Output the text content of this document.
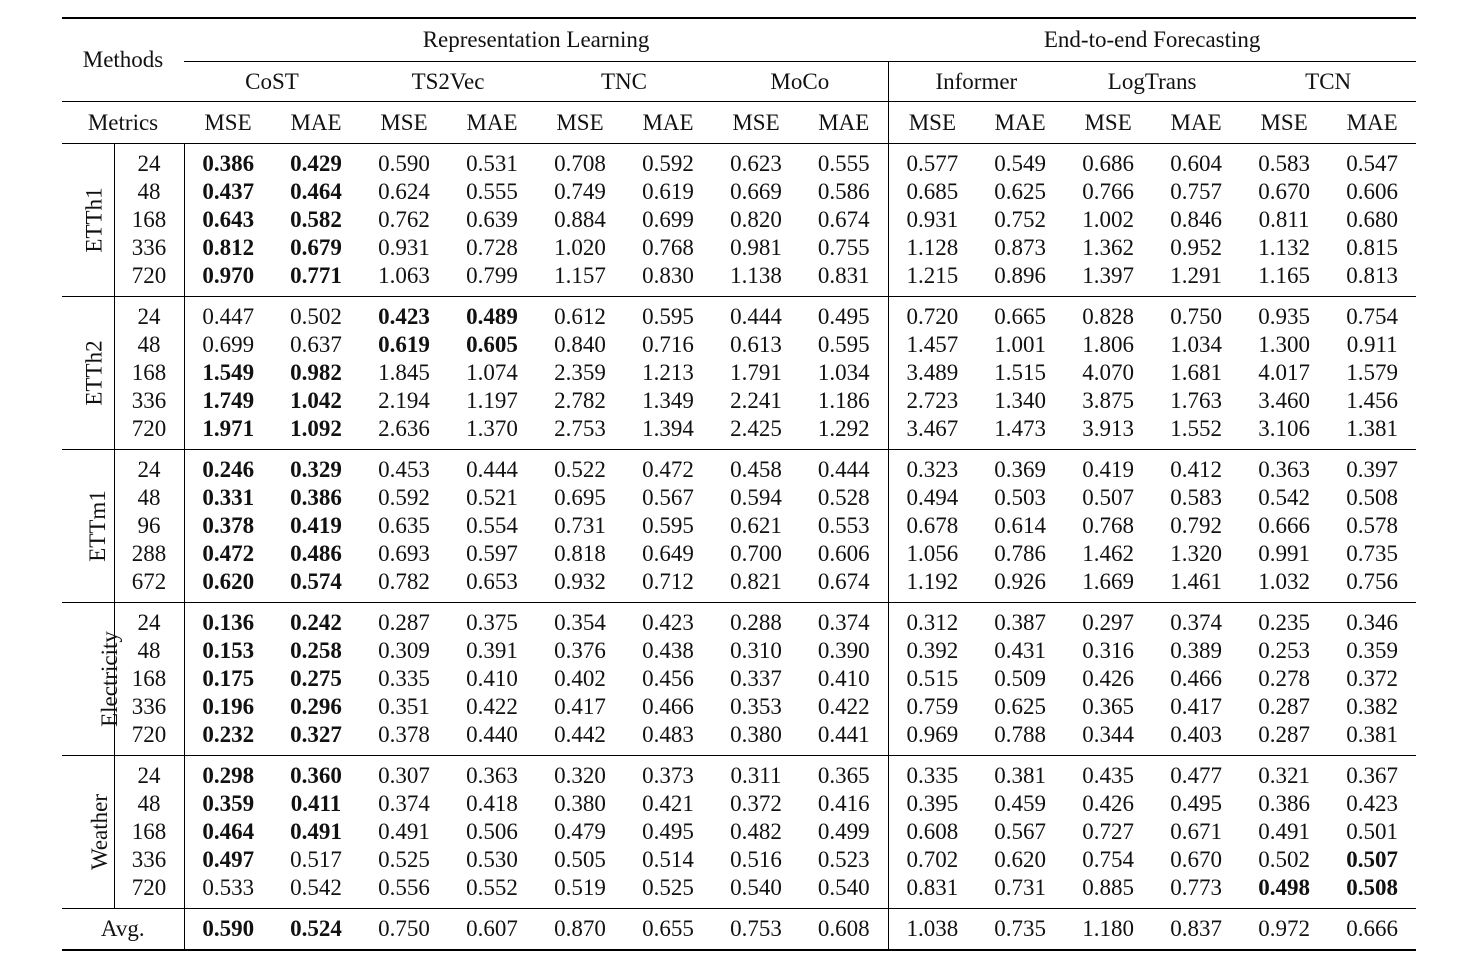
Methods		Representation Learning								End-to-end Forecasting					
		CoST		TS2Vec		TNC		MoCo		Informer		LogTrans		TCN	
Metrics		MSE	MAE	MSE	MAE	MSE	MAE	MSE	MAE	MSE	MAE	MSE	MAE	MSE	MAE
ETTh1	24	0.386	0.429	0.590	0.531	0.708	0.592	0.623	0.555	0.577	0.549	0.686	0.604	0.583	0.547
	48	0.437	0.464	0.624	0.555	0.749	0.619	0.669	0.586	0.685	0.625	0.766	0.757	0.670	0.606
	168	0.643	0.582	0.762	0.639	0.884	0.699	0.820	0.674	0.931	0.752	1.002	0.846	0.811	0.680
	336	0.812	0.679	0.931	0.728	1.020	0.768	0.981	0.755	1.128	0.873	1.362	0.952	1.132	0.815
	720	0.970	0.771	1.063	0.799	1.157	0.830	1.138	0.831	1.215	0.896	1.397	1.291	1.165	0.813
ETTh2	24	0.447	0.502	0.423	0.489	0.612	0.595	0.444	0.495	0.720	0.665	0.828	0.750	0.935	0.754
	48	0.699	0.637	0.619	0.605	0.840	0.716	0.613	0.595	1.457	1.001	1.806	1.034	1.300	0.911
	168	1.549	0.982	1.845	1.074	2.359	1.213	1.791	1.034	3.489	1.515	4.070	1.681	4.017	1.579
	336	1.749	1.042	2.194	1.197	2.782	1.349	2.241	1.186	2.723	1.340	3.875	1.763	3.460	1.456
	720	1.971	1.092	2.636	1.370	2.753	1.394	2.425	1.292	3.467	1.473	3.913	1.552	3.106	1.381
ETTm1	24	0.246	0.329	0.453	0.444	0.522	0.472	0.458	0.444	0.323	0.369	0.419	0.412	0.363	0.397
	48	0.331	0.386	0.592	0.521	0.695	0.567	0.594	0.528	0.494	0.503	0.507	0.583	0.542	0.508
	96	0.378	0.419	0.635	0.554	0.731	0.595	0.621	0.553	0.678	0.614	0.768	0.792	0.666	0.578
	288	0.472	0.486	0.693	0.597	0.818	0.649	0.700	0.606	1.056	0.786	1.462	1.320	0.991	0.735
	672	0.620	0.574	0.782	0.653	0.932	0.712	0.821	0.674	1.192	0.926	1.669	1.461	1.032	0.756
Electricity	24	0.136	0.242	0.287	0.375	0.354	0.423	0.288	0.374	0.312	0.387	0.297	0.374	0.235	0.346
	48	0.153	0.258	0.309	0.391	0.376	0.438	0.310	0.390	0.392	0.431	0.316	0.389	0.253	0.359
	168	0.175	0.275	0.335	0.410	0.402	0.456	0.337	0.410	0.515	0.509	0.426	0.466	0.278	0.372
	336	0.196	0.296	0.351	0.422	0.417	0.466	0.353	0.422	0.759	0.625	0.365	0.417	0.287	0.382
	720	0.232	0.327	0.378	0.440	0.442	0.483	0.380	0.441	0.969	0.788	0.344	0.403	0.287	0.381
Weather	24	0.298	0.360	0.307	0.363	0.320	0.373	0.311	0.365	0.335	0.381	0.435	0.477	0.321	0.367
	48	0.359	0.411	0.374	0.418	0.380	0.421	0.372	0.416	0.395	0.459	0.426	0.495	0.386	0.423
	168	0.464	0.491	0.491	0.506	0.479	0.495	0.482	0.499	0.608	0.567	0.727	0.671	0.491	0.501
	336	0.497	0.517	0.525	0.530	0.505	0.514	0.516	0.523	0.702	0.620	0.754	0.670	0.502	0.507
	720	0.533	0.542	0.556	0.552	0.519	0.525	0.540	0.540	0.831	0.731	0.885	0.773	0.498	0.508
Avg.		0.590	0.524	0.750	0.607	0.870	0.655	0.753	0.608	1.038	0.735	1.180	0.837	0.972	0.666
